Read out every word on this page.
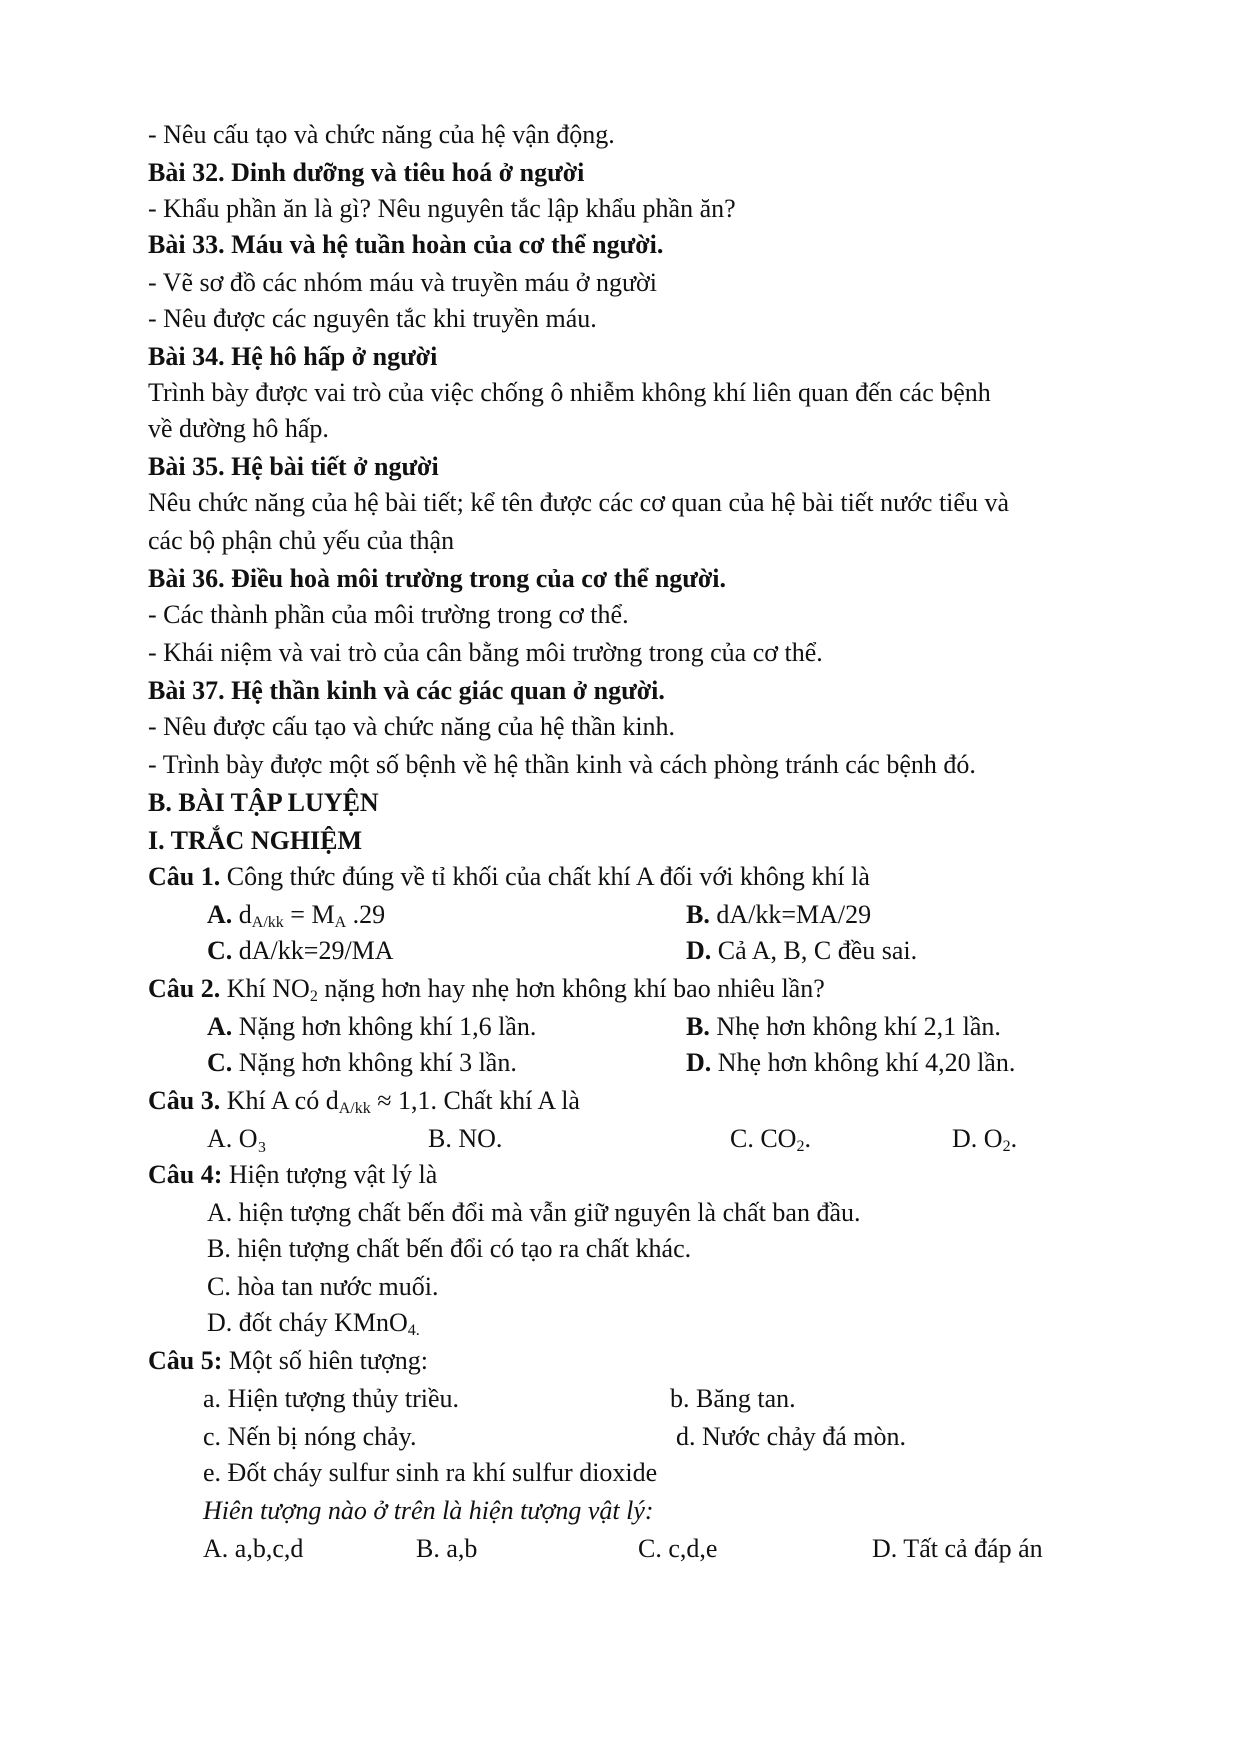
- Nêu cấu tạo và chức năng của hệ vận động.
Bài 32. Dinh dưỡng và tiêu hoá ở người
- Khẩu phần ăn là gì? Nêu nguyên tắc lập khẩu phần ăn?
Bài 33. Máu và hệ tuần hoàn của cơ thể người.
- Vẽ sơ đồ các nhóm máu và truyền máu ở người
- Nêu được các nguyên tắc khi truyền máu.
Bài 34. Hệ hô hấp ở người
Trình bày được vai trò của việc chống ô nhiễm không khí liên quan đến các bệnh
về dường hô hấp.
Bài 35. Hệ bài tiết ở người
Nêu chức năng của hệ bài tiết; kể tên được các cơ quan của hệ bài tiết nước tiểu và
các bộ phận chủ yếu của thận
Bài 36. Điều hoà môi trường trong của cơ thể người.
- Các thành phần của môi trường trong cơ thể.
- Khái niệm và vai trò của cân bằng môi trường trong của cơ thể.
Bài 37. Hệ thần kinh và các giác quan ở người.
- Nêu được cấu tạo và chức năng của hệ thần kinh.
- Trình bày được một số bệnh về hệ thần kinh và cách phòng tránh các bệnh đó.
B. BÀI TẬP LUYỆN
I. TRẮC NGHIỆM
Câu 1. Công thức đúng về tỉ khối của chất khí A đối với không khí là
A. $d_{A/kk} = M_A$ .29	B. dA/kk=MA/29
C. dA/kk=29/MA	D. Cả A, B, C đều sai.
Câu 2. Khí $NO_2$ nặng hơn hay nhẹ hơn không khí bao nhiêu lần?
A. Nặng hơn không khí 1,6 lần.	B. Nhẹ hơn không khí 2,1 lần.
C. Nặng hơn không khí 3 lần.	D. Nhẹ hơn không khí 4,20 lần.
Câu 3. Khí A có $d_{A/kk} \approx 1,1$. Chất khí A là
A. O₃	B. NO.	C. $CO_2$.	D. $O_2$.
Câu 4: Hiện tượng vật lý là
A. hiện tượng chất bến đổi mà vẫn giữ nguyên là chất ban đầu.
B. hiện tượng chất bến đổi có tạo ra chất khác.
C. hòa tan nước muối.
D. đốt cháy KMnO$_{4.}$
Câu 5: Một số hiên tượng:
a. Hiện tượng thủy triều.	b. Băng tan.
c. Nến bị nóng chảy.	d. Nước chảy đá mòn.
e. Đốt cháy sulfur sinh ra khí sulfur dioxide
Hiên tượng nào ở trên là hiện tượng vật lý:
A. a,b,c,d	B. a,b	C. c,d,e	D. Tất cả đáp án
